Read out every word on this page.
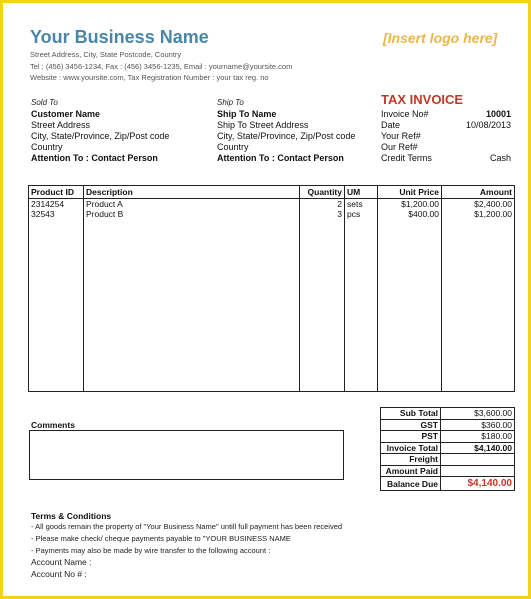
Your Business Name
Street Address, City, State Postcode, Country
Tel : (456) 3456-1234, Fax : (456) 3456-1235, Email : yourname@yoursite.com
Website : www.yoursite.com, Tax Registration Number : your tax reg. no
[Insert logo here]
Sold To
Customer Name
Street Address
City, State/Province, Zip/Post code
Country
Attention To : Contact Person
Ship To
Ship To Name
Ship To Street Address
City, State/Province, Zip/Post code
Country
Attention To : Contact Person
TAX INVOICE
Invoice No#	10001
Date	10/08/2013
Your Ref#
Our Ref#
Credit Terms	Cash
Product ID	Description	Quantity	UM	Unit Price	Amount
2314254	Product A	2	sets	$1,200.00	$2,400.00
32543	Product B	3	pcs	$400.00	$1,200.00

Sub Total	$3,600.00
GST	$360.00
PST	$180.00
Invoice Total	$4,140.00
Freight	
Amount Paid	
Balance Due	$4,140.00
Comments
Terms & Conditions
- All goods remain the property of "Your Business Name" untill full payment has been received
- Please make check/ cheque payments payable to "YOUR BUSINESS NAME
- Payments may also be made by wire transfer to the following account :
Account Name :
Account No # :
